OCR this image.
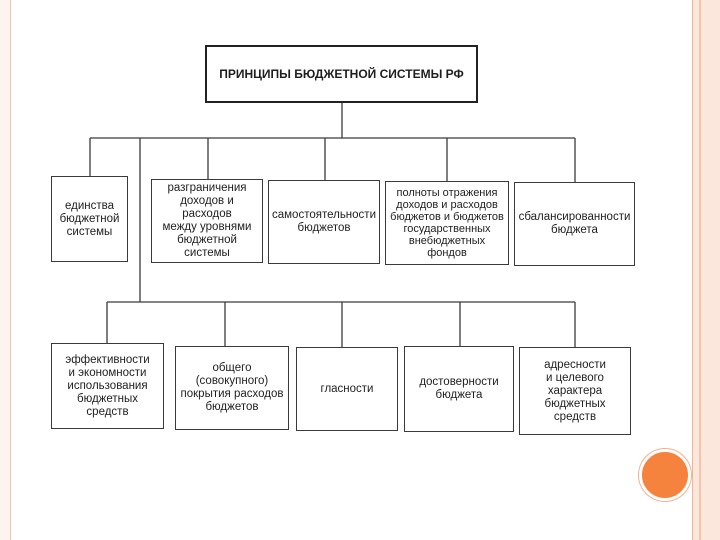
ПРИНЦИПЫ БЮДЖЕТНОЙ СИСТЕМЫ РФ
единства
бюджетной
системы
разграничения
доходов и расходов
между уровнями
бюджетной системы
самостоятельности
бюджетов
полноты отражения
доходов и расходов
бюджетов и бюджетов
государственных
внебюджетных
фондов
сбалансированности
бюджета
эффективности
и экономности
использования
бюджетных средств
общего
(совокупного)
покрытия расходов
бюджетов
гласности
достоверности
бюджета
адресности
и целевого
характера
бюджетных
средств
